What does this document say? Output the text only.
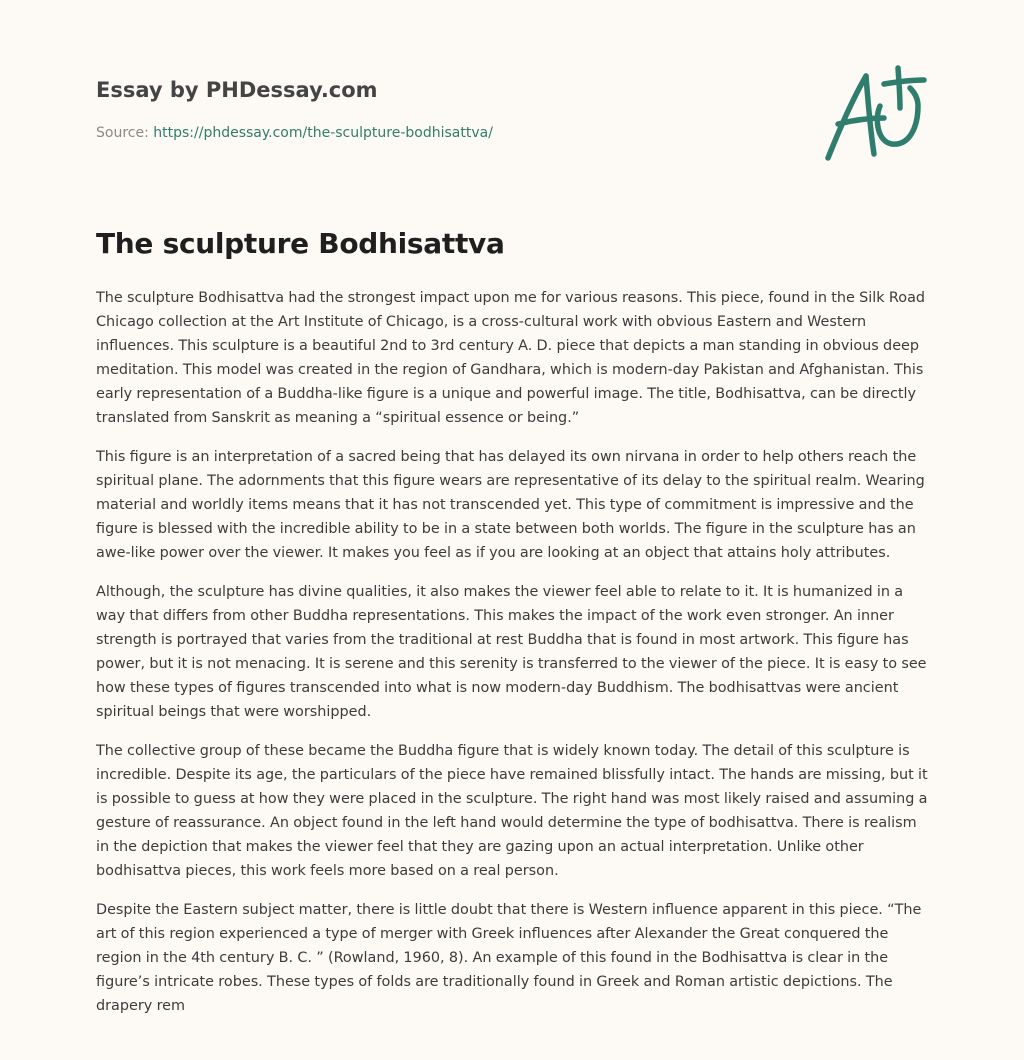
Essay by PHDessay.com
Source: https://phdessay.com/the-sculpture-bodhisattva/
The sculpture Bodhisattva

The sculpture Bodhisattva had the strongest impact upon me for various reasons. This piece, found in the Silk Road Chicago collection at the Art Institute of Chicago, is a cross-cultural work with obvious Eastern and Western influences. This sculpture is a beautiful 2nd to 3rd century A. D. piece that depicts a man standing in obvious deep meditation. This model was created in the region of Gandhara, which is modern-day Pakistan and Afghanistan. This early representation of a Buddha-like figure is a unique and powerful image. The title, Bodhisattva, can be directly translated from Sanskrit as meaning a “spiritual essence or being.”

This figure is an interpretation of a sacred being that has delayed its own nirvana in order to help others reach the spiritual plane. The adornments that this figure wears are representative of its delay to the spiritual realm. Wearing material and worldly items means that it has not transcended yet. This type of commitment is impressive and the figure is blessed with the incredible ability to be in a state between both worlds. The figure in the sculpture has an awe-like power over the viewer. It makes you feel as if you are looking at an object that attains holy attributes.

Although, the sculpture has divine qualities, it also makes the viewer feel able to relate to it. It is humanized in a way that differs from other Buddha representations. This makes the impact of the work even stronger. An inner strength is portrayed that varies from the traditional at rest Buddha that is found in most artwork. This figure has power, but it is not menacing. It is serene and this serenity is transferred to the viewer of the piece. It is easy to see how these types of figures transcended into what is now modern-day Buddhism. The bodhisattvas were ancient spiritual beings that were worshipped.

The collective group of these became the Buddha figure that is widely known today. The detail of this sculpture is incredible. Despite its age, the particulars of the piece have remained blissfully intact. The hands are missing, but it is possible to guess at how they were placed in the sculpture. The right hand was most likely raised and assuming a gesture of reassurance. An object found in the left hand would determine the type of bodhisattva. There is realism in the depiction that makes the viewer feel that they are gazing upon an actual interpretation. Unlike other bodhisattva pieces, this work feels more based on a real person.

Despite the Eastern subject matter, there is little doubt that there is Western influence apparent in this piece. “The art of this region experienced a type of merger with Greek influences after Alexander the Great conquered the region in the 4th century B. C. ” (Rowland, 1960, 8). An example of this found in the Bodhisattva is clear in the figure’s intricate robes. These types of folds are traditionally found in Greek and Roman artistic depictions. The drapery rem
